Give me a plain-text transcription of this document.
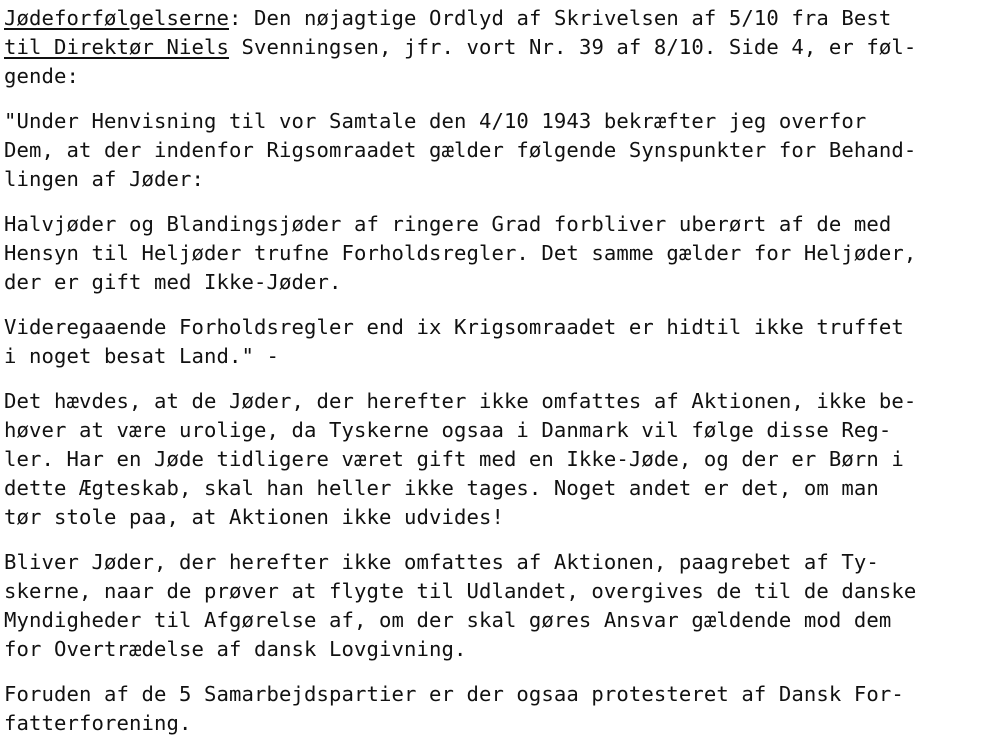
Jødeforfølgelserne: Den nøjagtige Ordlyd af Skrivelsen af 5/10 fra Best
til Direktør Niels Svenningsen, jfr. vort Nr. 39 af 8/10. Side 4, er føl-
gende:
"Under Henvisning til vor Samtale den 4/10 1943 bekræfter jeg overfor
Dem, at der indenfor Rigsomraadet gælder følgende Synspunkter for Behand-
lingen af Jøder:
Halvjøder og Blandingsjøder af ringere Grad forbliver uberørt af de med
Hensyn til Heljøder trufne Forholdsregler. Det samme gælder for Heljøder,
der er gift med Ikke-Jøder.
Videregaaende Forholdsregler end ix Krigsomraadet er hidtil ikke truffet
i noget besat Land." -
Det hævdes, at de Jøder, der herefter ikke omfattes af Aktionen, ikke be-
høver at være urolige, da Tyskerne ogsaa i Danmark vil følge disse Reg-
ler. Har en Jøde tidligere været gift med en Ikke-Jøde, og der er Børn i
dette Ægteskab, skal han heller ikke tages. Noget andet er det, om man
tør stole paa, at Aktionen ikke udvides!
Bliver Jøder, der herefter ikke omfattes af Aktionen, paagrebet af Ty-
skerne, naar de prøver at flygte til Udlandet, overgives de til de danske
Myndigheder til Afgørelse af, om der skal gøres Ansvar gældende mod dem
for Overtrædelse af dansk Lovgivning.
Foruden af de 5 Samarbejdspartier er der ogsaa protesteret af Dansk For-
fatterforening.
